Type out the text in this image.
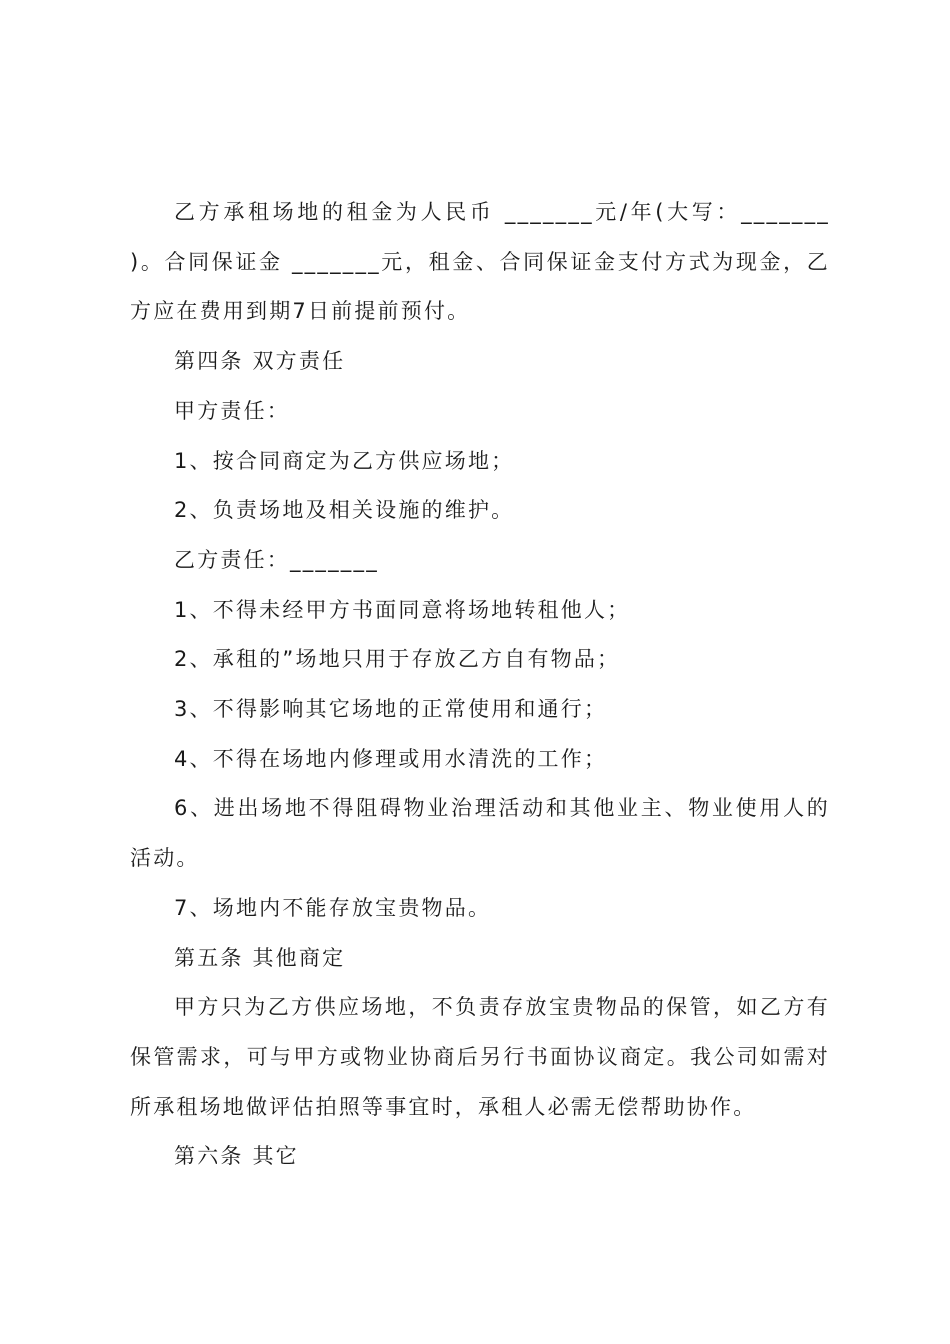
乙方承租场地的租金为人民币 _______元/年(大写：_______ )。合同保证金 _______元，租金、合同保证金支付方式为现金，乙方应在费用到期7日前提前预付。

第四条 双方责任

甲方责任：

1、按合同商定为乙方供应场地；

2、负责场地及相关设施的维护。

乙方责任：_______

1、不得未经甲方书面同意将场地转租他人；

2、承租的”场地只用于存放乙方自有物品；

3、不得影响其它场地的正常使用和通行；

4、不得在场地内修理或用水清洗的工作；

6、进出场地不得阻碍物业治理活动和其他业主、物业使用人的活动。

7、场地内不能存放宝贵物品。

第五条 其他商定

甲方只为乙方供应场地，不负责存放宝贵物品的保管，如乙方有保管需求，可与甲方或物业协商后另行书面协议商定。我公司如需对所承租场地做评估拍照等事宜时，承租人必需无偿帮助协作。

第六条 其它
